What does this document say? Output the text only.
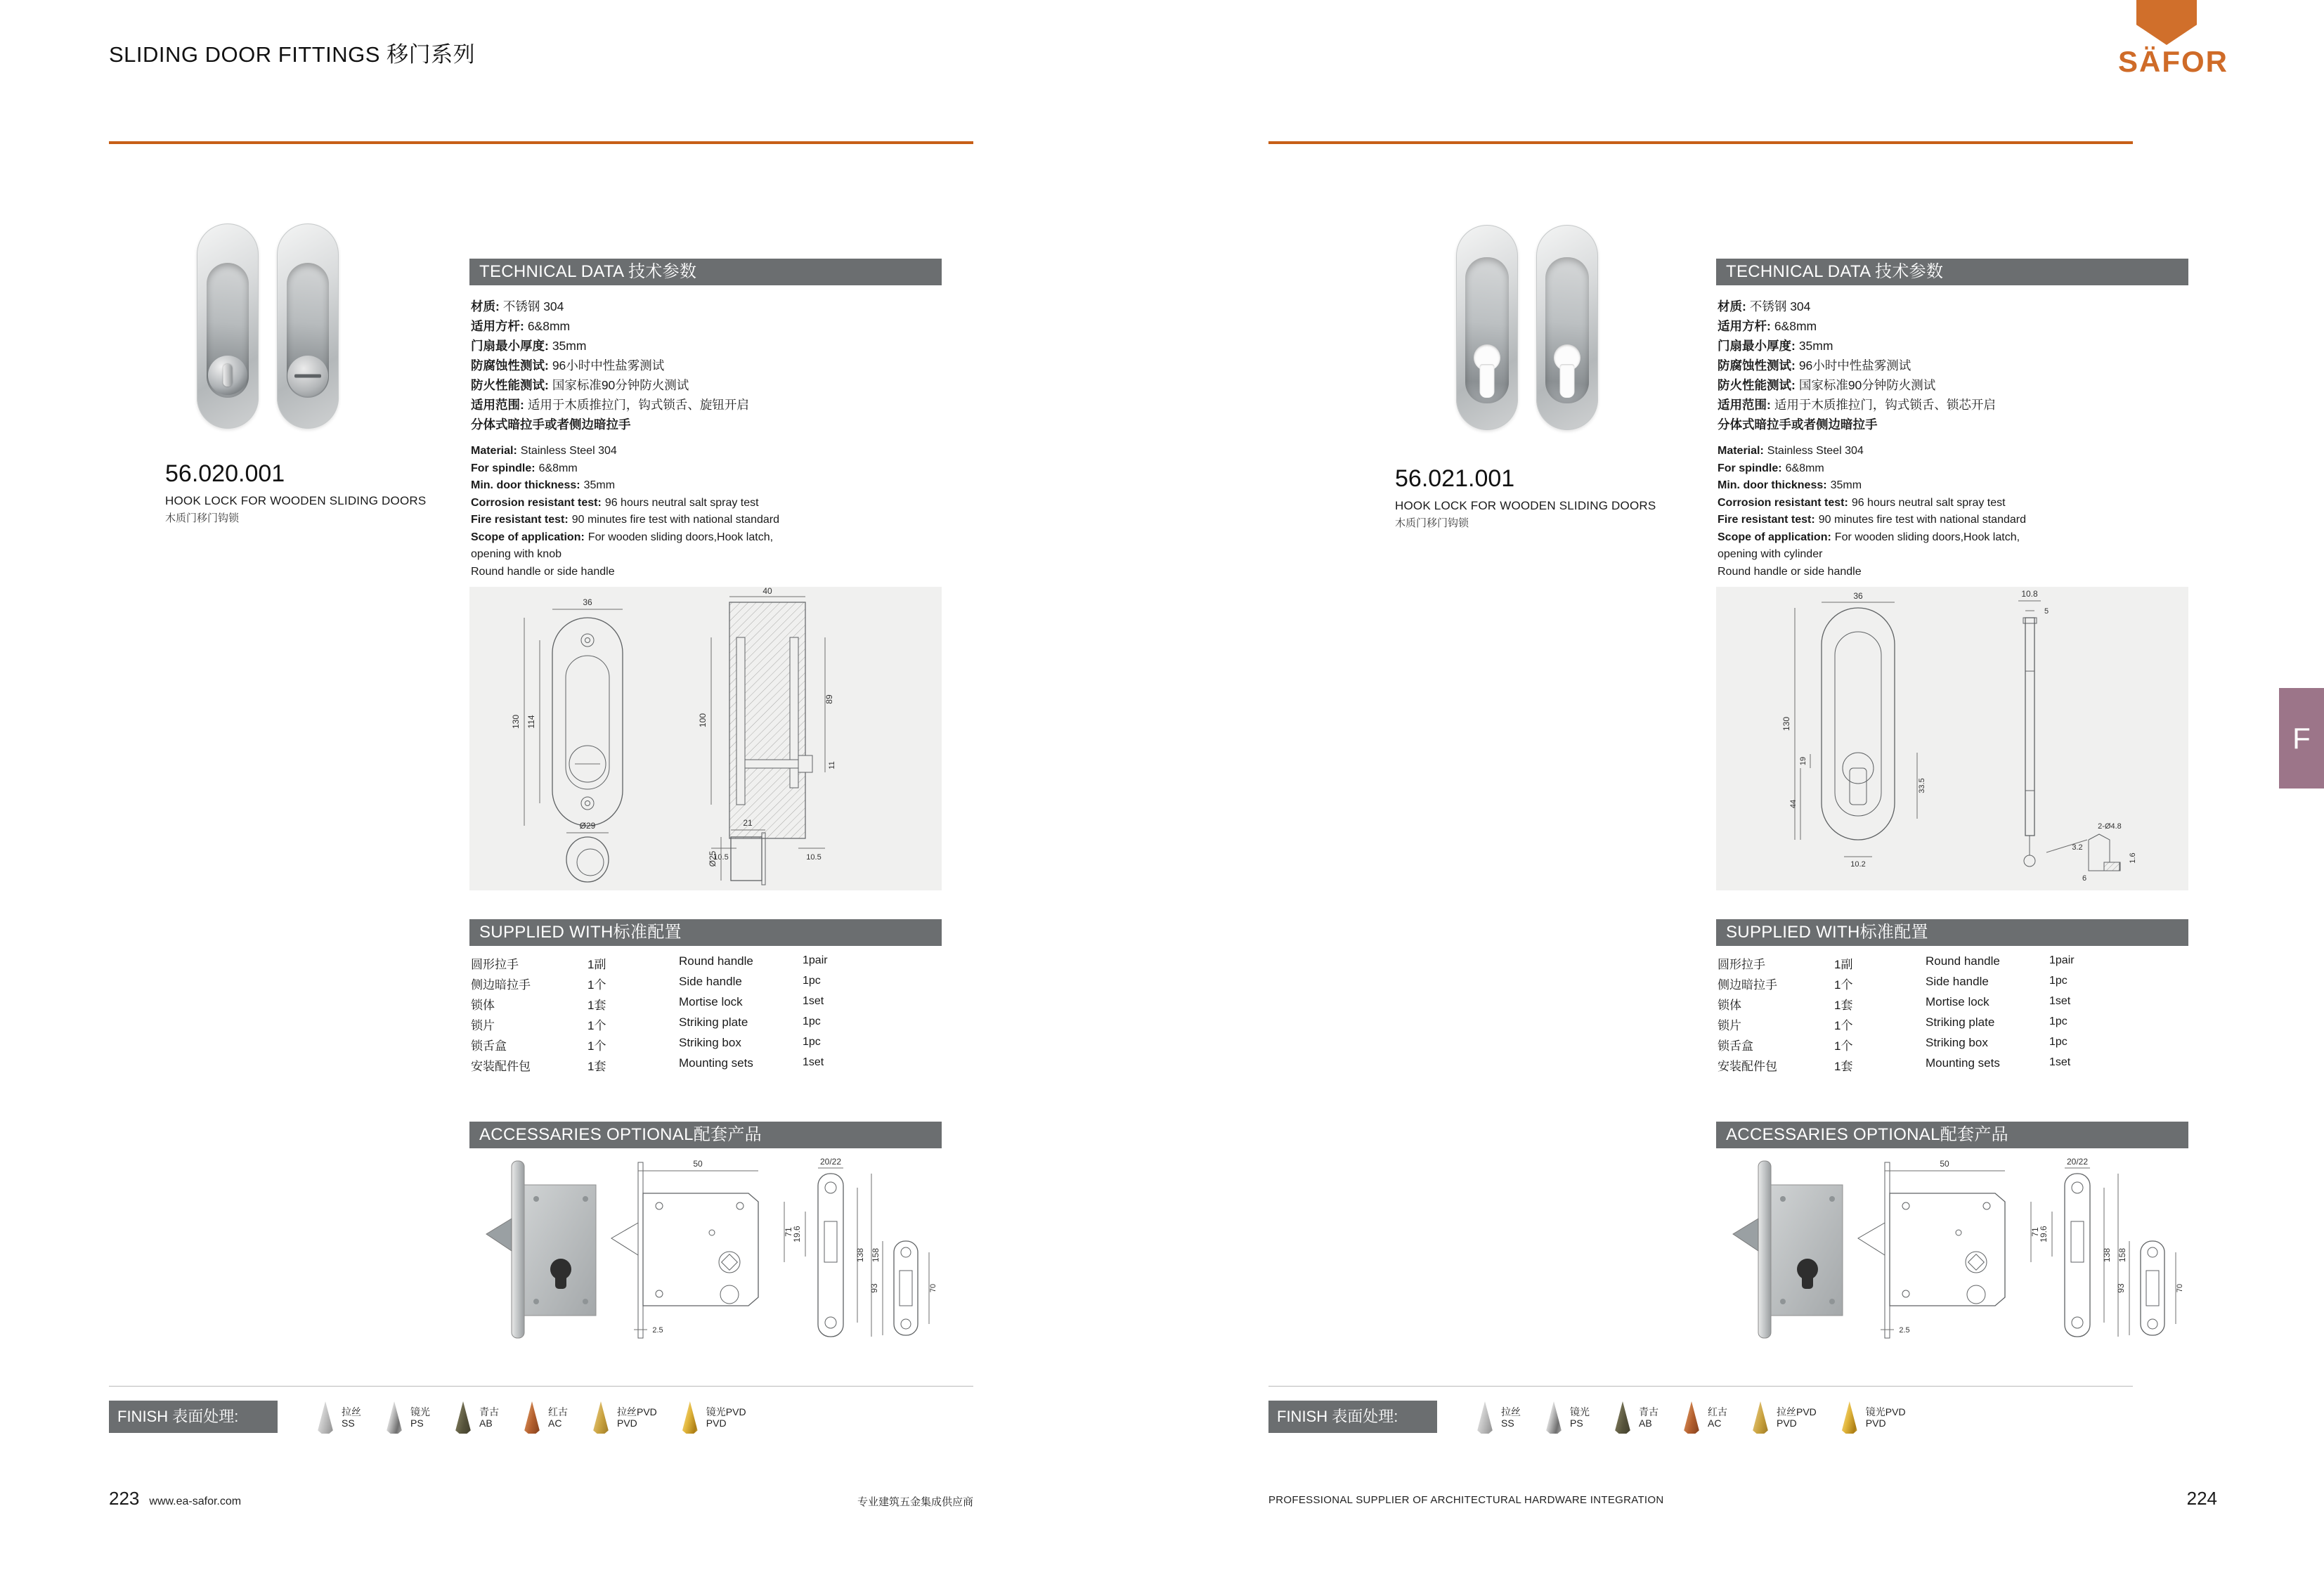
SLIDING DOOR FITTINGS 移门系列	SÄFOR
F
56.020.001
HOOK LOCK FOR WOODEN SLIDING DOORS
木质门移门钩锁
TECHNICAL DATA 技术参数
材质: 不锈钢 304
适用方杆: 6&8mm
门扇最小厚度: 35mm
防腐蚀性测试: 96小时中性盐雾测试
防火性能测试: 国家标准90分钟防火测试
适用范围: 适用于木质推拉门，钩式锁舌、旋钮开启
分体式暗拉手或者侧边暗拉手
Material: Stainless Steel 304
For spindle: 6&8mm
Min. door thickness: 35mm
Corrosion resistant test: 96 hours neutral salt spray test
Fire resistant test: 90 minutes fire test with national standard
Scope of application: For wooden sliding doors,Hook latch,
opening with knob
Round handle or side handle
36
130 114
40
100
89
11
10.5	10.5
Ø29	21
Ø25
SUPPLIED WITH标准配置
圆形拉手	1副	Round handle	1pair
侧边暗拉手	1个	Side handle	1pc
锁体	1套	Mortise lock	1set
锁片	1个	Striking plate	1pc
锁舌盒	1个	Striking box	1pc
安装配件包	1套	Mounting sets	1set
ACCESSARIES OPTIONAL配套产品
50
71
2.5
20/22
19.6
138 158
93	70
FINISH 表面处理:	拉丝
SS
镜光
PS
青古
AB
红古
AC
拉丝PVD
PVD
镜光PVD
PVD
223 www.ea-safor.com	专业建筑五金集成供应商
56.021.001
HOOK LOCK FOR WOODEN SLIDING DOORS
木质门移门钩锁
TECHNICAL DATA 技术参数
材质: 不锈钢 304
适用方杆: 6&8mm
门扇最小厚度: 35mm
防腐蚀性测试: 96小时中性盐雾测试
防火性能测试: 国家标准90分钟防火测试
适用范围: 适用于木质推拉门，钩式锁舌、锁芯开启
分体式暗拉手或者侧边暗拉手
Material: Stainless Steel 304
For spindle: 6&8mm
Min. door thickness: 35mm
Corrosion resistant test: 96 hours neutral salt spray test
Fire resistant test: 90 minutes fire test with national standard
Scope of application: For wooden sliding doors,Hook latch,
opening with cylinder
Round handle or side handle
36
130
19
44
33.5
10.2
10.8
5
2-Ø4.8
3.2
1.6
6
SUPPLIED WITH标准配置
圆形拉手	1副	Round handle	1pair
侧边暗拉手	1个	Side handle	1pc
锁体	1套	Mortise lock	1set
锁片	1个	Striking plate	1pc
锁舌盒	1个	Striking box	1pc
安装配件包	1套	Mounting sets	1set
ACCESSARIES OPTIONAL配套产品
50
71
2.5
20/22
19.6
138 158
93	70
FINISH 表面处理:	拉丝
SS
镜光
PS
青古
AB
红古
AC
拉丝PVD
PVD
镜光PVD
PVD
PROFESSIONAL SUPPLIER OF ARCHITECTURAL HARDWARE INTEGRATION	224
